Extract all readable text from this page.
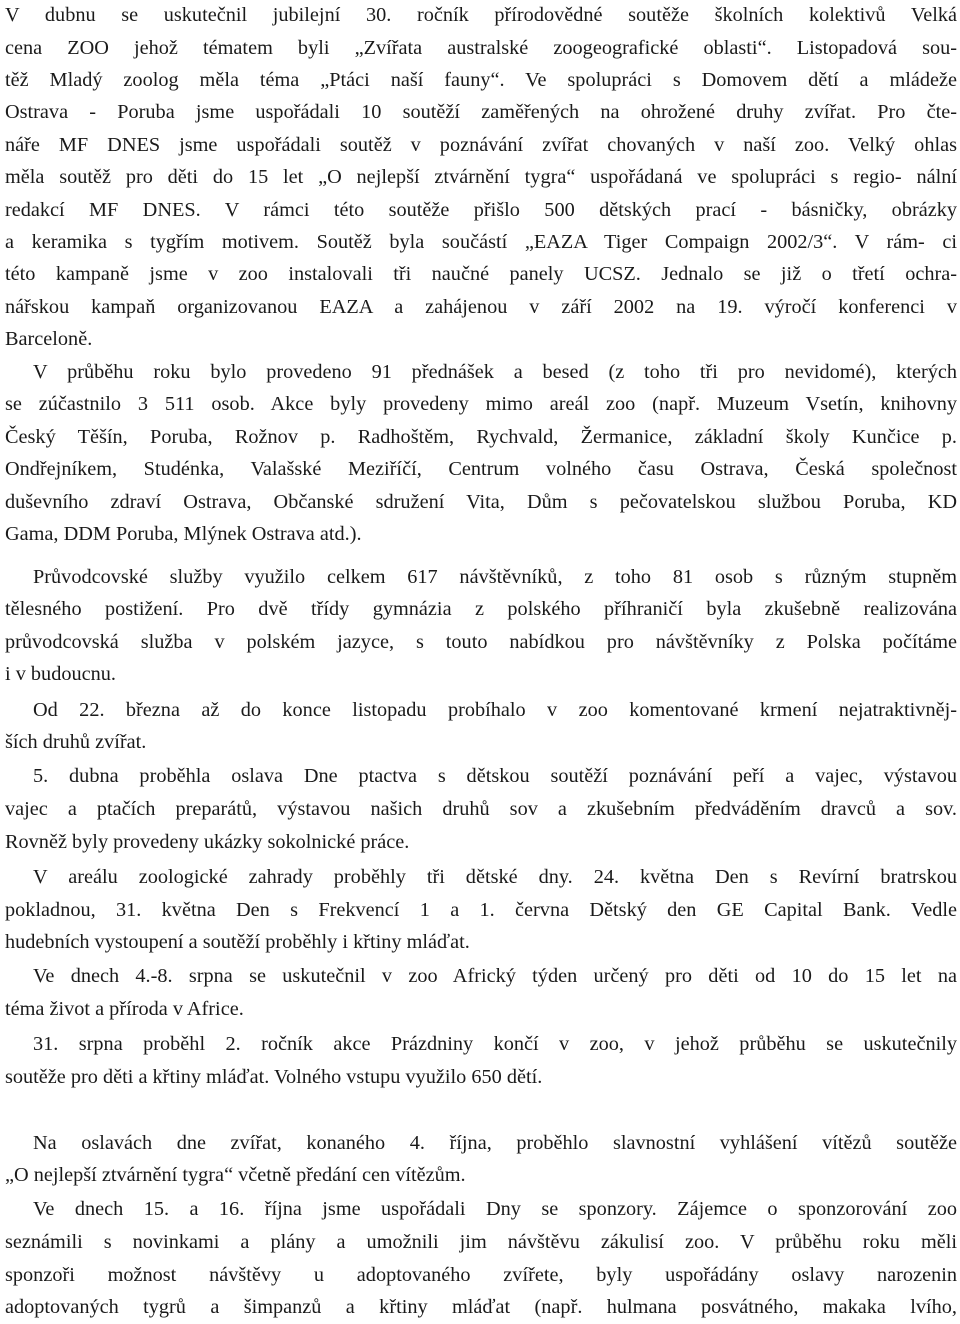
V dubnu se uskutečnil jubilejní 30. ročník přírodovědné soutěže školních kolektivů Velká
cena ZOO jehož tématem byli „Zvířata australské zoogeografické oblasti“. Listopadová sou-
těž Mladý zoolog měla téma „Ptáci naší fauny“. Ve spolupráci s Domovem dětí a mládeže
Ostrava - Poruba jsme uspořádali 10 soutěží zaměřených na ohrožené druhy zvířat. Pro čte-
náře MF DNES jsme uspořádali soutěž v poznávání zvířat chovaných v naší zoo. Velký ohlas
měla soutěž pro děti do 15 let „O nejlepší ztvárnění tygra“ uspořádaná ve spolupráci s regio- nální
redakcí MF DNES. V rámci této soutěže přišlo 500 dětských prací - básničky, obrázky
a keramika s tygřím motivem. Soutěž byla součástí „EAZA Tiger Compaign 2002/3“. V rám- ci
této kampaně jsme v zoo instalovali tři naučné panely UCSZ. Jednalo se již o třetí ochra-
nářskou kampaň organizovanou EAZA a zahájenou v září 2002 na 19. výročí konferenci v
Barceloně.
V průběhu roku bylo provedeno 91 přednášek a besed (z toho tři pro nevidomé), kterých
se zúčastnilo 3 511 osob. Akce byly provedeny mimo areál zoo (např. Muzeum Vsetín, knihovny
Český Těšín, Poruba, Rožnov p. Radhoštěm, Rychvald, Žermanice, základní školy Kunčice p.
Ondřejníkem, Studénka, Valašské Meziříčí, Centrum volného času Ostrava, Česká společnost
duševního zdraví Ostrava, Občanské sdružení Vita, Dům s pečovatelskou službou Poruba, KD
Gama, DDM Poruba, Mlýnek Ostrava atd.).
Průvodcovské služby využilo celkem 617 návštěvníků, z toho 81 osob s různým stupněm
tělesného postižení. Pro dvě třídy gymnázia z polského příhraničí byla zkušebně realizována
průvodcovská služba v polském jazyce, s touto nabídkou pro návštěvníky z Polska počítáme
i v budoucnu.
Od 22. března až do konce listopadu probíhalo v zoo komentované krmení nejatraktivněj-
ších druhů zvířat.
5. dubna proběhla oslava Dne ptactva s dětskou soutěží poznávání peří a vajec, výstavou
vajec a ptačích preparátů, výstavou našich druhů sov a zkušebním předváděním dravců a sov.
Rovněž byly provedeny ukázky sokolnické práce.
V areálu zoologické zahrady proběhly tři dětské dny. 24. května Den s Revírní bratrskou
pokladnou, 31. května Den s Frekvencí 1 a 1. června Dětský den GE Capital Bank. Vedle
hudebních vystoupení a soutěží proběhly i křtiny mláďat.
Ve dnech 4.-8. srpna se uskutečnil v zoo Africký týden určený pro děti od 10 do 15 let na
téma život a příroda v Africe.
31. srpna proběhl 2. ročník akce Prázdniny končí v zoo, v jehož průběhu se uskutečnily
soutěže pro děti a křtiny mláďat. Volného vstupu využilo 650 dětí.
Na oslavách dne zvířat, konaného 4. října, proběhlo slavnostní vyhlášení vítězů soutěže
„O nejlepší ztvárnění tygra“ včetně předání cen vítězům.
Ve dnech 15. a 16. října jsme uspořádali Dny se sponzory. Zájemce o sponzorování zoo
seznámili s novinkami a plány a umožnili jim návštěvu zákulisí zoo. V průběhu roku měli
sponzoři možnost návštěvy u adoptovaného zvířete, byly uspořádány oslavy narozenin
adoptovaných tygrů a šimpanzů a křtiny mláďat (např. hulmana posvátného, makaka lvího,
